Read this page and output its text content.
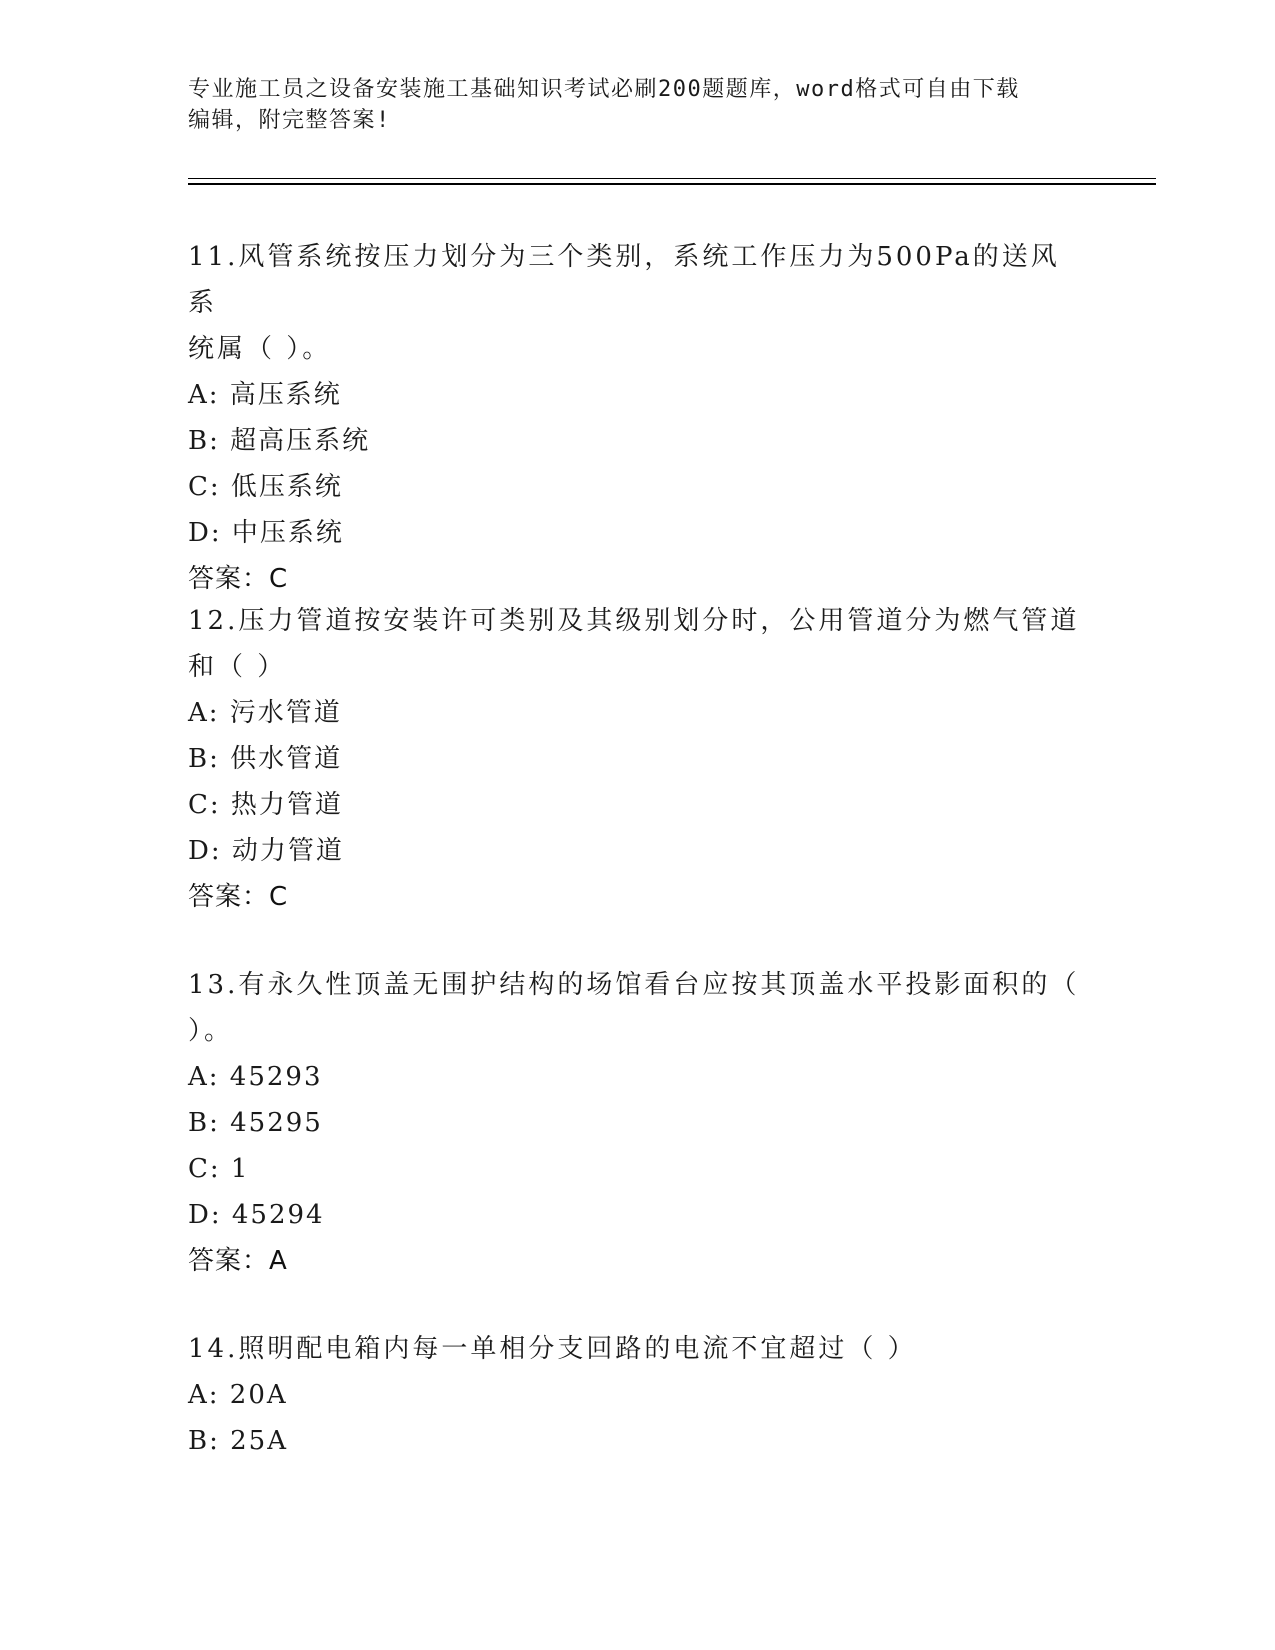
专业施工员之设备安装施工基础知识考试必刷200题题库，word格式可自由下载
编辑，附完整答案!

11.风管系统按压力划分为三个类别，系统工作压力为500Pa的送风系

统属（ ）。

A: 高压系统

B: 超高压系统

C: 低压系统

D: 中压系统

答案：C

12.压力管道按安装许可类别及其级别划分时，公用管道分为燃气管道

和（ ）

A: 污水管道

B: 供水管道

C: 热力管道

D: 动力管道

答案：C

13.有永久性顶盖无围护结构的场馆看台应按其顶盖水平投影面积的（

）。

A: 45293

B: 45295

C: 1

D: 45294

答案：A

14.照明配电箱内每一单相分支回路的电流不宜超过（ ）

A: 20A

B: 25A
